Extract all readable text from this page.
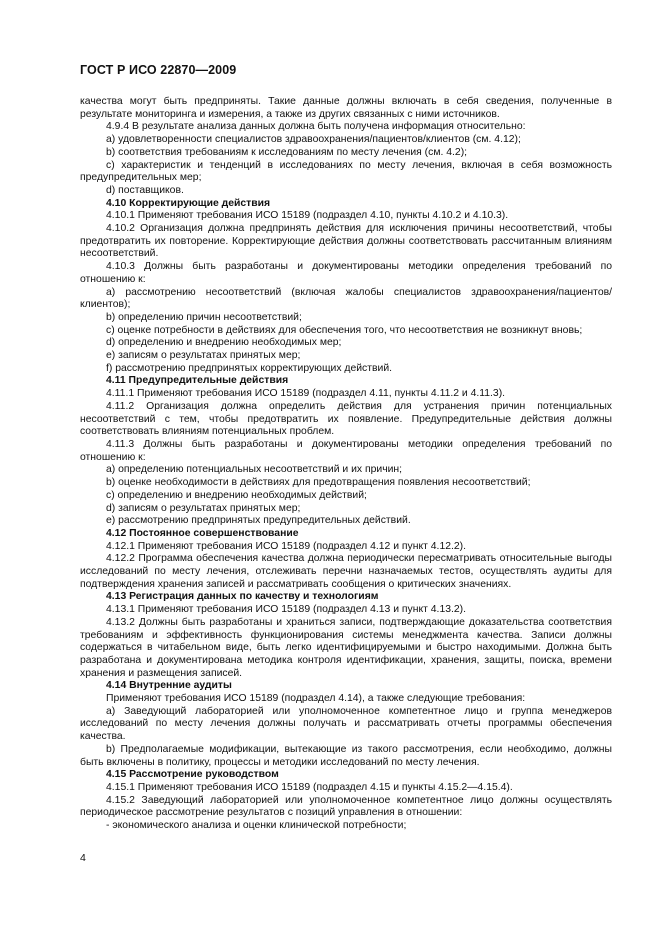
ГОСТ Р ИСО 22870—2009

качества могут быть предприняты. Такие данные должны включать в себя сведения, полученные в результате мониторинга и измерения, а также из других связанных с ними источников.

4.9.4 В результате анализа данных должна быть получена информация относительно:

a) удовлетворенности специалистов здравоохранения/пациентов/клиентов (см. 4.12);

b) соответствия требованиям к исследованиям по месту лечения (см. 4.2);

c) характеристик и тенденций в исследованиях по месту лечения, включая в себя возможность предупредительных мер;

d) поставщиков.

4.10 Корректирующие действия

4.10.1 Применяют требования ИСО 15189 (подраздел 4.10, пункты 4.10.2 и 4.10.3).

4.10.2 Организация должна предпринять действия для исключения причины несоответствий, чтобы предотвратить их повторение. Корректирующие действия должны соответствовать рассчитанным влияниям несоответствий.

4.10.3 Должны быть разработаны и документированы методики определения требований по отношению к:

a) рассмотрению несоответствий (включая жалобы специалистов здравоохранения/пациентов/клиентов);

b) определению причин несоответствий;

c) оценке потребности в действиях для обеспечения того, что несоответствия не возникнут вновь;

d) определению и внедрению необходимых мер;

e) записям о результатах принятых мер;

f) рассмотрению предпринятых корректирующих действий.

4.11 Предупредительные действия

4.11.1 Применяют требования ИСО 15189 (подраздел 4.11, пункты 4.11.2 и 4.11.3).

4.11.2 Организация должна определить действия для устранения причин потенциальных несоответствий с тем, чтобы предотвратить их появление. Предупредительные действия должны соответствовать влияниям потенциальных проблем.

4.11.3 Должны быть разработаны и документированы методики определения требований по отношению к:

a) определению потенциальных несоответствий и их причин;

b) оценке необходимости в действиях для предотвращения появления несоответствий;

c) определению и внедрению необходимых действий;

d) записям о результатах принятых мер;

e) рассмотрению предпринятых предупредительных действий.

4.12 Постоянное совершенствование

4.12.1 Применяют требования ИСО 15189 (подраздел 4.12 и пункт 4.12.2).

4.12.2 Программа обеспечения качества должна периодически пересматривать относительные выгоды исследований по месту лечения, отслеживать перечни назначаемых тестов, осуществлять аудиты для подтверждения хранения записей и рассматривать сообщения о критических значениях.

4.13 Регистрация данных по качеству и технологиям

4.13.1 Применяют требования ИСО 15189 (подраздел 4.13 и пункт 4.13.2).

4.13.2 Должны быть разработаны и храниться записи, подтверждающие доказательства соответствия требованиям и эффективность функционирования системы менеджмента качества. Записи должны содержаться в читабельном виде, быть легко идентифицируемыми и быстро находимыми. Должна быть разработана и документирована методика контроля идентификации, хранения, защиты, поиска, времени хранения и размещения записей.

4.14 Внутренние аудиты

Применяют требования ИСО 15189 (подраздел 4.14), а также следующие требования:

a) Заведующий лабораторией или уполномоченное компетентное лицо и группа менеджеров исследований по месту лечения должны получать и рассматривать отчеты программы обеспечения качества.

b) Предполагаемые модификации, вытекающие из такого рассмотрения, если необходимо, должны быть включены в политику, процессы и методики исследований по месту лечения.

4.15 Рассмотрение руководством

4.15.1 Применяют требования ИСО 15189 (подраздел 4.15 и пункты 4.15.2—4.15.4).

4.15.2 Заведующий лабораторией или уполномоченное компетентное лицо должны осуществлять периодическое рассмотрение результатов с позиций управления в отношении:

- экономического анализа и оценки клинической потребности;

4
